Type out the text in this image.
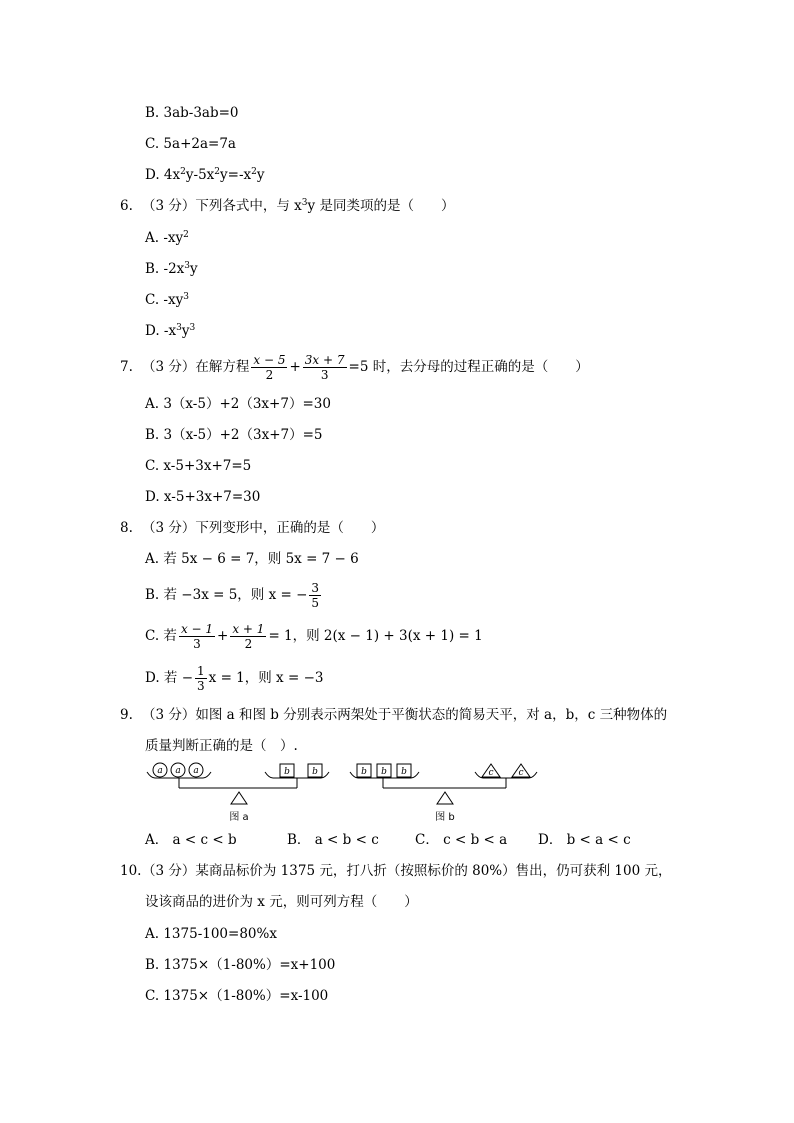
B. 3ab-3ab=0
C. 5a+2a=7a
D. $4x^2y-5x^2y=-x^2y$
6. （3 分）下列各式中，与 $x^3y$ 是同类项的是（　　）
A. $-xy^2$
B. $-2x^3y$
C. $-xy^3$
D. $-x^3y^3$
7. （3 分）在解方程 $\frac{x - 5}{2} + \frac{3x + 7}{3} =5$ 时，去分母的过程正确的是（　　）
A. 3（x-5）+2（3x+7）=30
B. 3（x-5）+2（3x+7）=5
C. x-5+3x+7=5
D. x-5+3x+7=30
8. （3 分）下列变形中，正确的是（　　）
A. 若 5x − 6 = 7，则 5x = 7 − 6
B. 若 −3x = 5，则 x = − $\frac{3}{5}$
C. 若 $\frac{x - 1}{3} + \frac{x + 1}{2} = 1$，则 2(x − 1) + 3(x + 1) = 1
D. 若 − $\frac{1}{3}$ x = 1，则 x = −3
9. （3 分）如图 a 和图 b 分别表示两架处于平衡状态的简易天平，对 a，b，c 三种物体的
质量判断正确的是（　）.
a a a	b b	b b b	c	c
图 a	图 b
A． a < c < b	B． a < b < c	C． c < b < a D． b < a < c
10.（3 分）某商品标价为 1375 元，打八折（按照标价的 80%）售出，仍可获利 100 元，
设该商品的进价为 x 元，则可列方程（　　）
A. 1375-100=80%x
B. 1375×（1-80%）=x+100
C. 1375×（1-80%）=x-100
